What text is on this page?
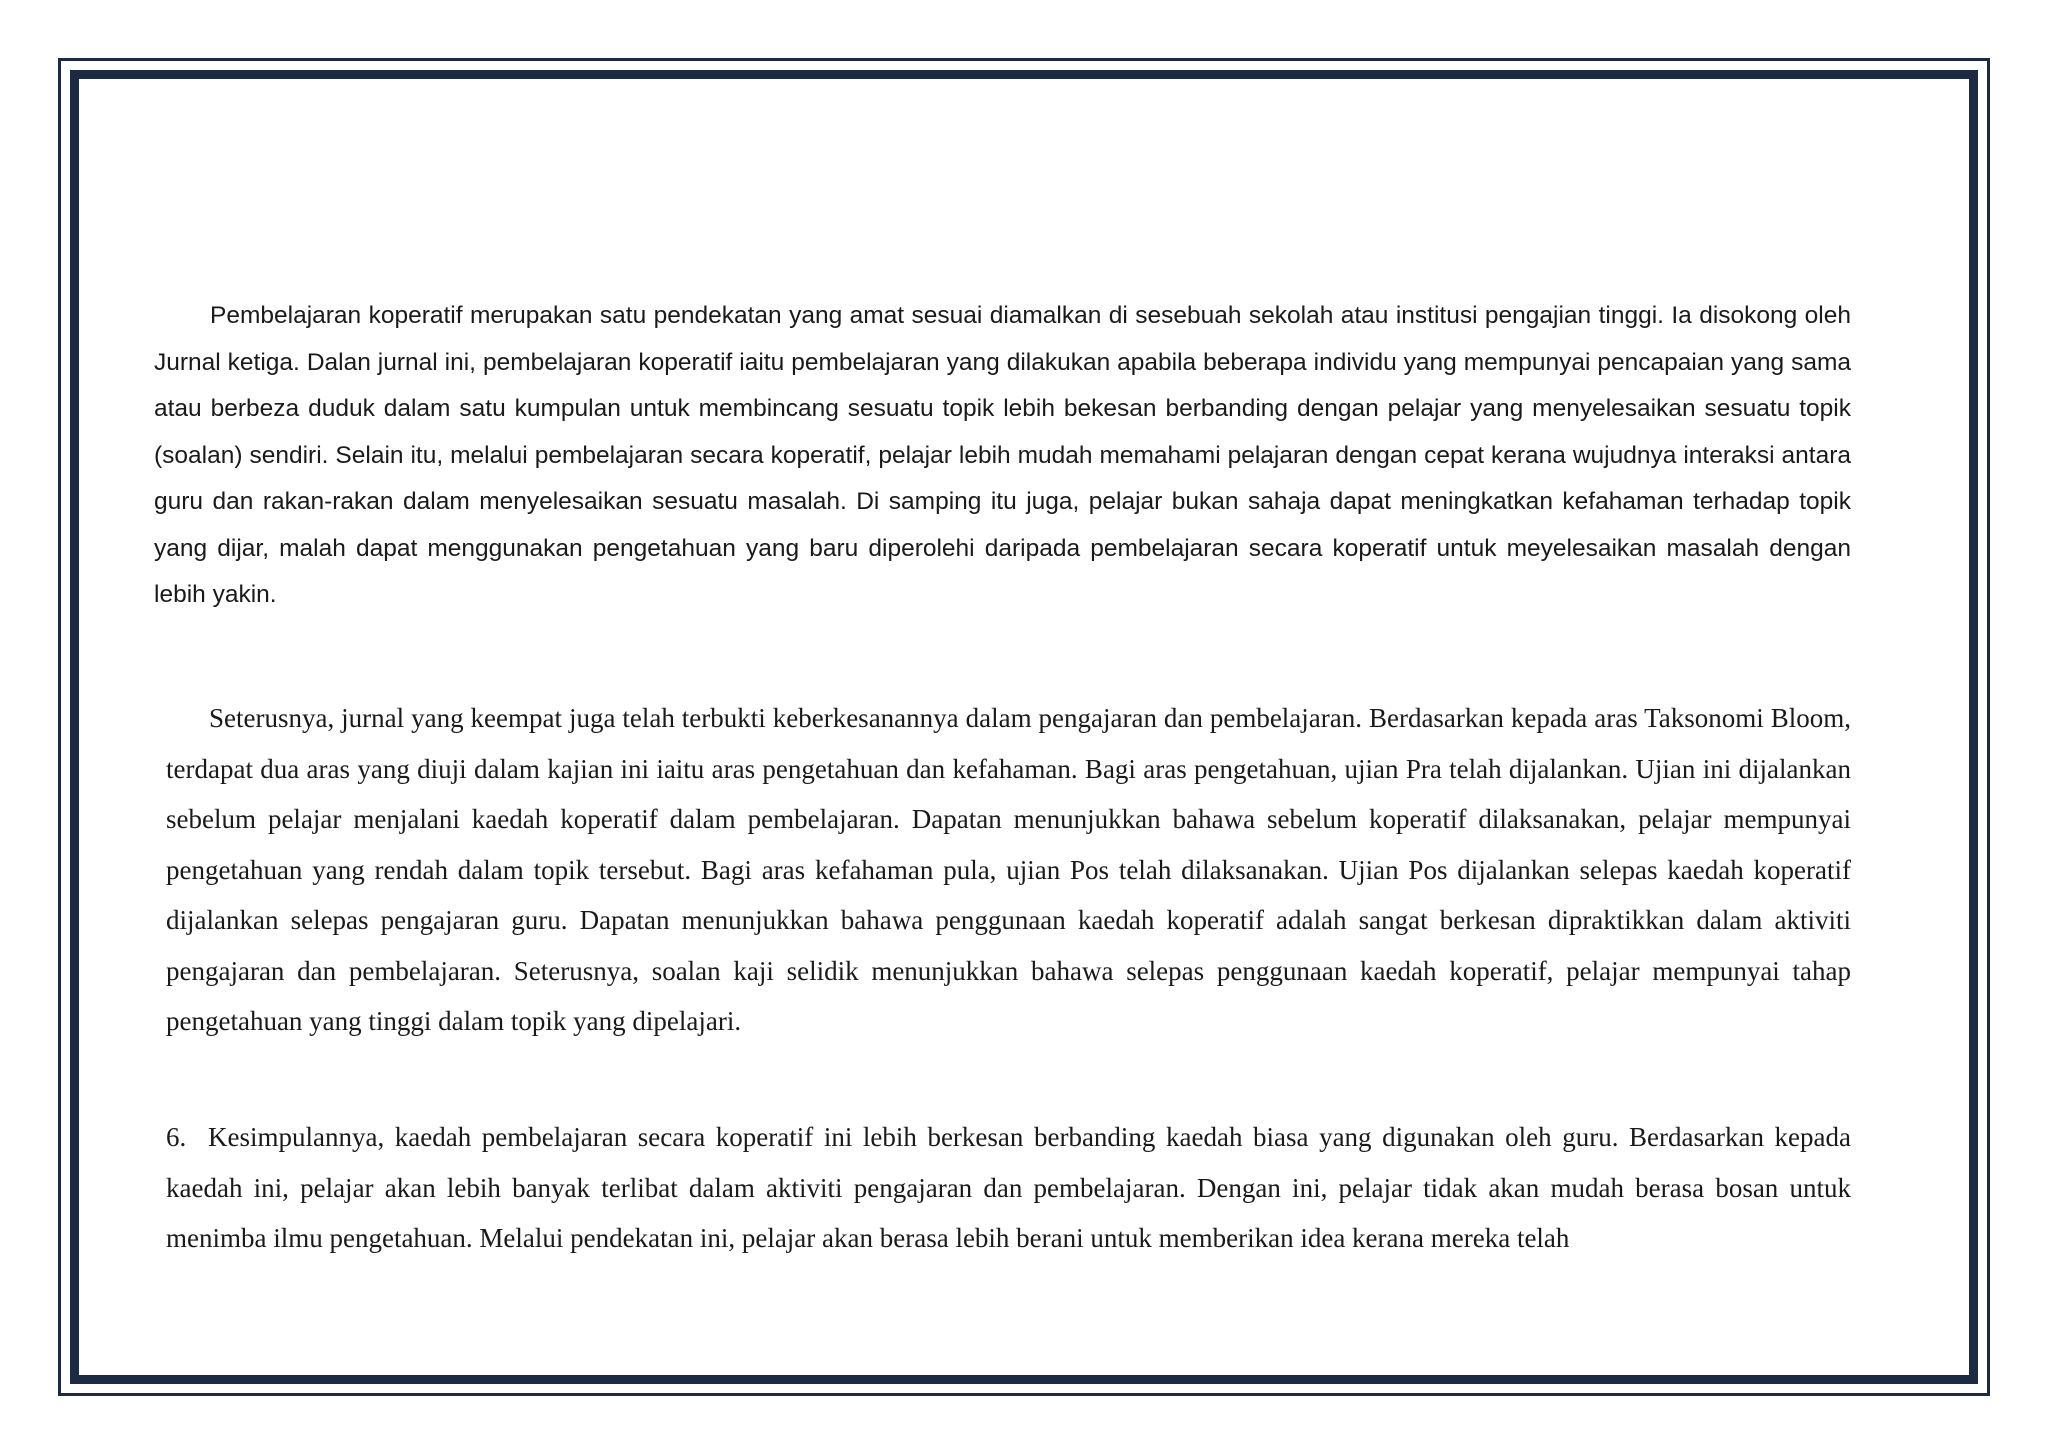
Pembelajaran koperatif merupakan satu pendekatan yang amat sesuai diamalkan di sesebuah sekolah atau institusi pengajian tinggi. Ia disokong oleh Jurnal ketiga. Dalan jurnal ini, pembelajaran koperatif iaitu pembelajaran yang dilakukan apabila beberapa individu yang mempunyai pencapaian yang sama atau berbeza duduk dalam satu kumpulan untuk membincang sesuatu topik lebih bekesan berbanding dengan pelajar yang menyelesaikan sesuatu topik (soalan) sendiri. Selain itu, melalui pembelajaran secara koperatif, pelajar lebih mudah memahami pelajaran dengan cepat kerana wujudnya interaksi antara guru dan rakan-rakan dalam menyelesaikan sesuatu masalah. Di samping itu juga, pelajar bukan sahaja dapat meningkatkan kefahaman terhadap topik yang dijar, malah dapat menggunakan pengetahuan yang baru diperolehi daripada pembelajaran secara koperatif untuk meyelesaikan masalah dengan lebih yakin.

Seterusnya, jurnal yang keempat juga telah terbukti keberkesanannya dalam pengajaran dan pembelajaran. Berdasarkan kepada aras Taksonomi Bloom, terdapat dua aras yang diuji dalam kajian ini iaitu aras pengetahuan dan kefahaman. Bagi aras pengetahuan, ujian Pra telah dijalankan. Ujian ini dijalankan sebelum pelajar menjalani kaedah koperatif dalam pembelajaran. Dapatan menunjukkan bahawa sebelum koperatif dilaksanakan, pelajar mempunyai pengetahuan yang rendah dalam topik tersebut. Bagi aras kefahaman pula, ujian Pos telah dilaksanakan. Ujian Pos dijalankan selepas kaedah koperatif dijalankan selepas pengajaran guru. Dapatan menunjukkan bahawa penggunaan kaedah koperatif adalah sangat berkesan dipraktikkan dalam aktiviti pengajaran dan pembelajaran. Seterusnya, soalan kaji selidik menunjukkan bahawa selepas penggunaan kaedah koperatif, pelajar mempunyai tahap pengetahuan yang tinggi dalam topik yang dipelajari.

6. Kesimpulannya, kaedah pembelajaran secara koperatif ini lebih berkesan berbanding kaedah biasa yang digunakan oleh guru. Berdasarkan kepada kaedah ini, pelajar akan lebih banyak terlibat dalam aktiviti pengajaran dan pembelajaran. Dengan ini, pelajar tidak akan mudah berasa bosan untuk menimba ilmu pengetahuan. Melalui pendekatan ini, pelajar akan berasa lebih berani untuk memberikan idea kerana mereka telah
